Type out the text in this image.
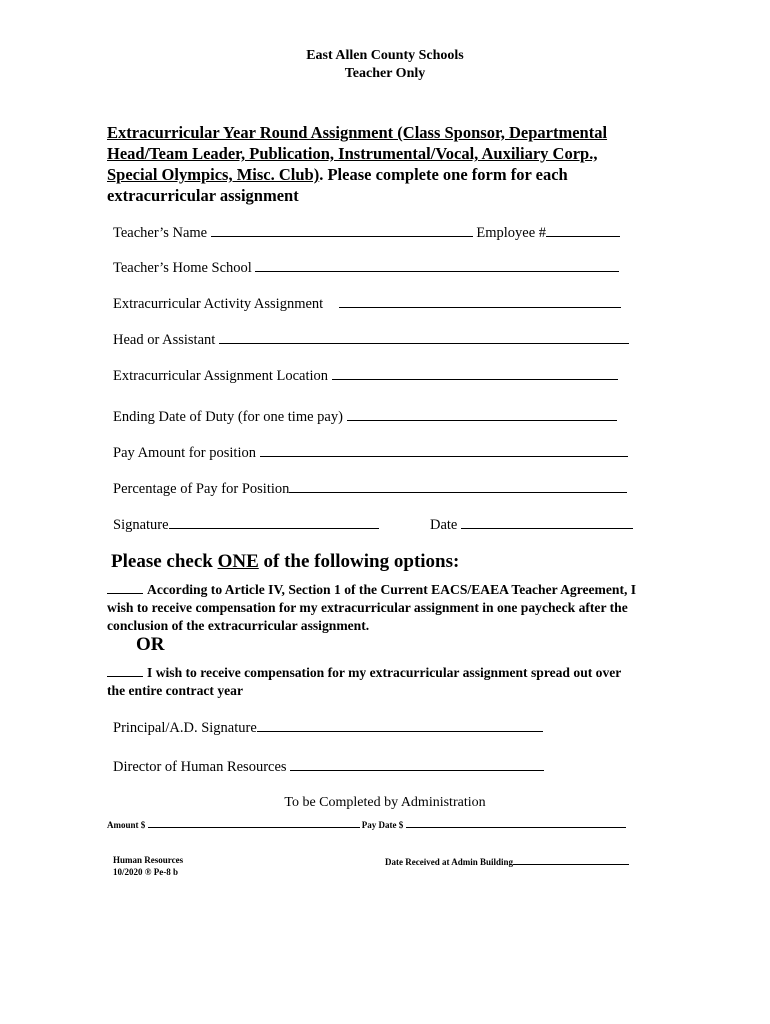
East Allen County Schools
Teacher Only
Extracurricular Year Round Assignment (Class Sponsor, Departmental Head/Team Leader, Publication, Instrumental/Vocal, Auxiliary Corp., Special Olympics, Misc. Club). Please complete one form for each extracurricular assignment
Teacher’s Name	Employee #
Teacher’s Home School
Extracurricular Activity Assignment
Head or Assistant
Extracurricular Assignment Location
Ending Date of Duty (for one time pay)
Pay Amount for position
Percentage of Pay for Position
Signature	Date
Please check ONE of the following options:
According to Article IV, Section 1 of the Current EACS/EAEA Teacher Agreement, I wish to receive compensation for my extracurricular assignment in one paycheck after the conclusion of the extracurricular assignment.
OR
I wish to receive compensation for my extracurricular assignment spread out over the entire contract year
Principal/A.D. Signature
Director of Human Resources
To be Completed by Administration
Amount $	Pay Date $
Human Resources
10/2020 ® Pe-8 b
Date Received at Admin Building
